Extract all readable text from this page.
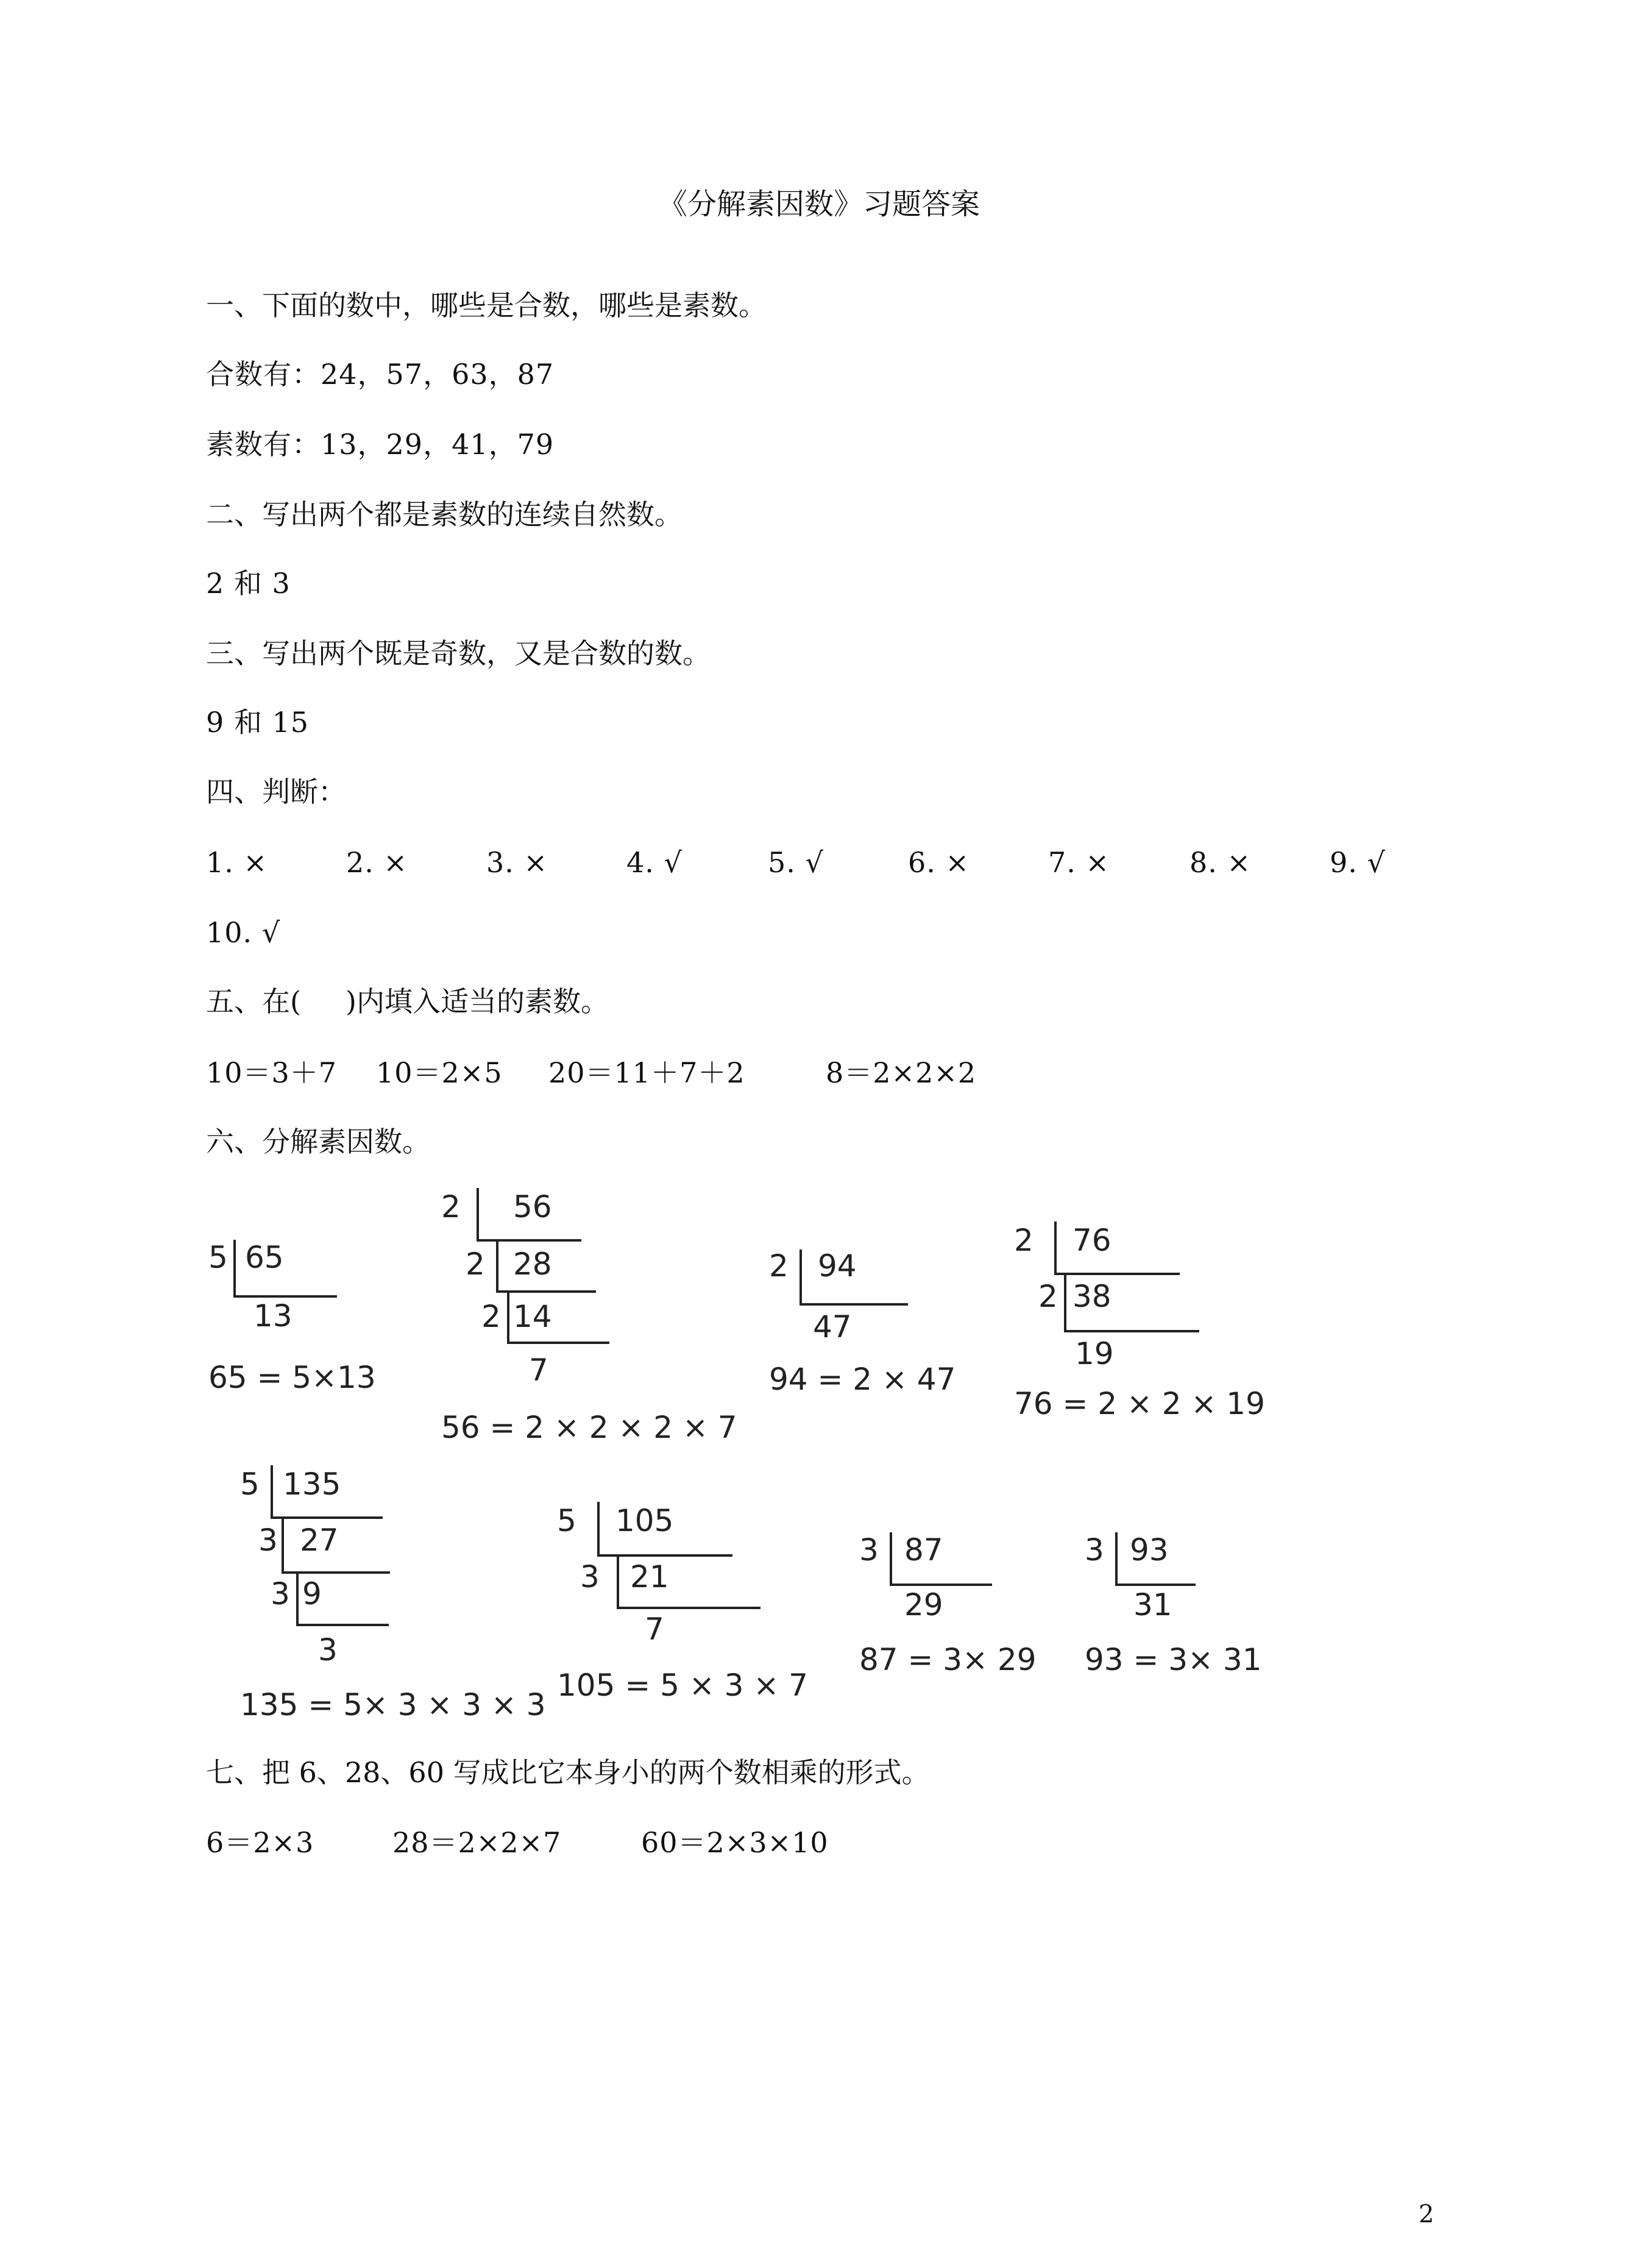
《分解素因数》习题答案
一、下面的数中，哪些是合数，哪些是素数。
合数有：24，57，63，87
素数有：13，29，41，79
二、写出两个都是素数的连续自然数。
2 和 3
三、写出两个既是奇数，又是合数的数。
9 和 15
四、判断：
1. ×	2. ×	3. ×	4. √	5. √	6. ×	7. ×	8. ×	9. √
10. √
五、在(     )内填入适当的素数。
10＝3＋7 10＝2×5 20＝11＋7＋2	8＝2×2×2
六、分解素因数。
5 65
13
65 = 5×13
2 56
2 28
2 14
7
56 = 2 × 2 × 2 × 7
2 94
47
94 = 2 × 47
2 76
2 38
19
76 = 2 × 2 × 19
5 135
3 27
3 9
3
135 = 5× 3 × 3 × 3
5 105
3 21
7
105 = 5 × 3 × 7
3 87
29
87 = 3× 29
3 93
31
93 = 3× 31
七、把 6、28、60 写成比它本身小的两个数相乘的形式。
6＝2×3	28＝2×2×7	60＝2×3×10
2
